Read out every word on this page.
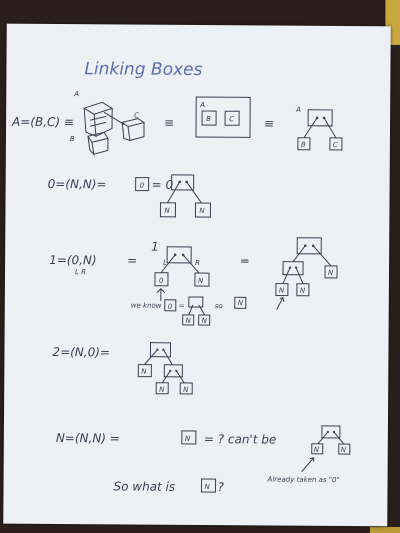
Linking Boxes
A=(B,C) ≡
A
B
C
≡
A
B	C	≡
A
B	C
0=(N,N)=	0 = 0
N	N
1=(0,N)
L R
=
1
L	R
0	N
═
N N
N
we know 0 =
N N
so N
2=(N,0)=
N
N	N
N=(N,N) =	N = ? can't be
N	N
So what is	N ?
Already taken as "0"
